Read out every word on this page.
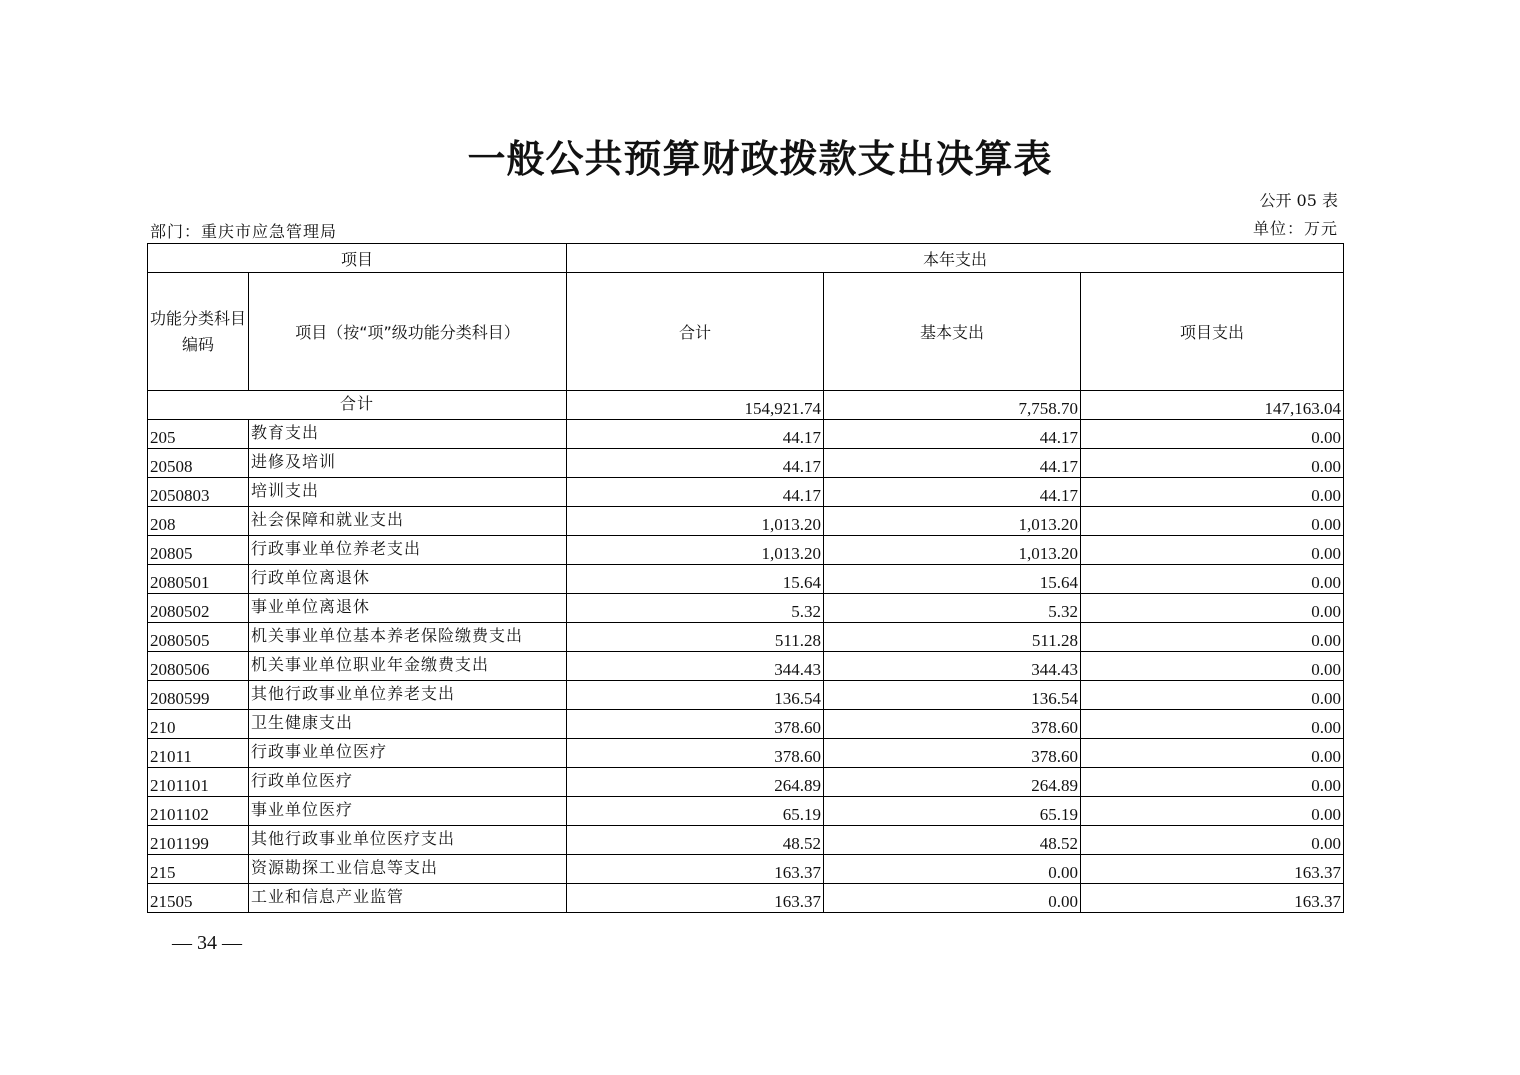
一般公共预算财政拨款支出决算表
公开 05 表
部门：重庆市应急管理局	单位：万元
项目		本年支出		
功能分类科目编码	项目（按“项”级功能分类科目）	合计	基本支出	项目支出
合计		154,921.74	7,758.70	147,163.04
205	教育支出	44.17	44.17	0.00
20508	进修及培训	44.17	44.17	0.00
2050803	培训支出	44.17	44.17	0.00
208	社会保障和就业支出	1,013.20	1,013.20	0.00
20805	行政事业单位养老支出	1,013.20	1,013.20	0.00
2080501	行政单位离退休	15.64	15.64	0.00
2080502	事业单位离退休	5.32	5.32	0.00
2080505	机关事业单位基本养老保险缴费支出	511.28	511.28	0.00
2080506	机关事业单位职业年金缴费支出	344.43	344.43	0.00
2080599	其他行政事业单位养老支出	136.54	136.54	0.00
210	卫生健康支出	378.60	378.60	0.00
21011	行政事业单位医疗	378.60	378.60	0.00
2101101	行政单位医疗	264.89	264.89	0.00
2101102	事业单位医疗	65.19	65.19	0.00
2101199	其他行政事业单位医疗支出	48.52	48.52	0.00
215	资源勘探工业信息等支出	163.37	0.00	163.37
21505	工业和信息产业监管	163.37	0.00	163.37
— 34 —
